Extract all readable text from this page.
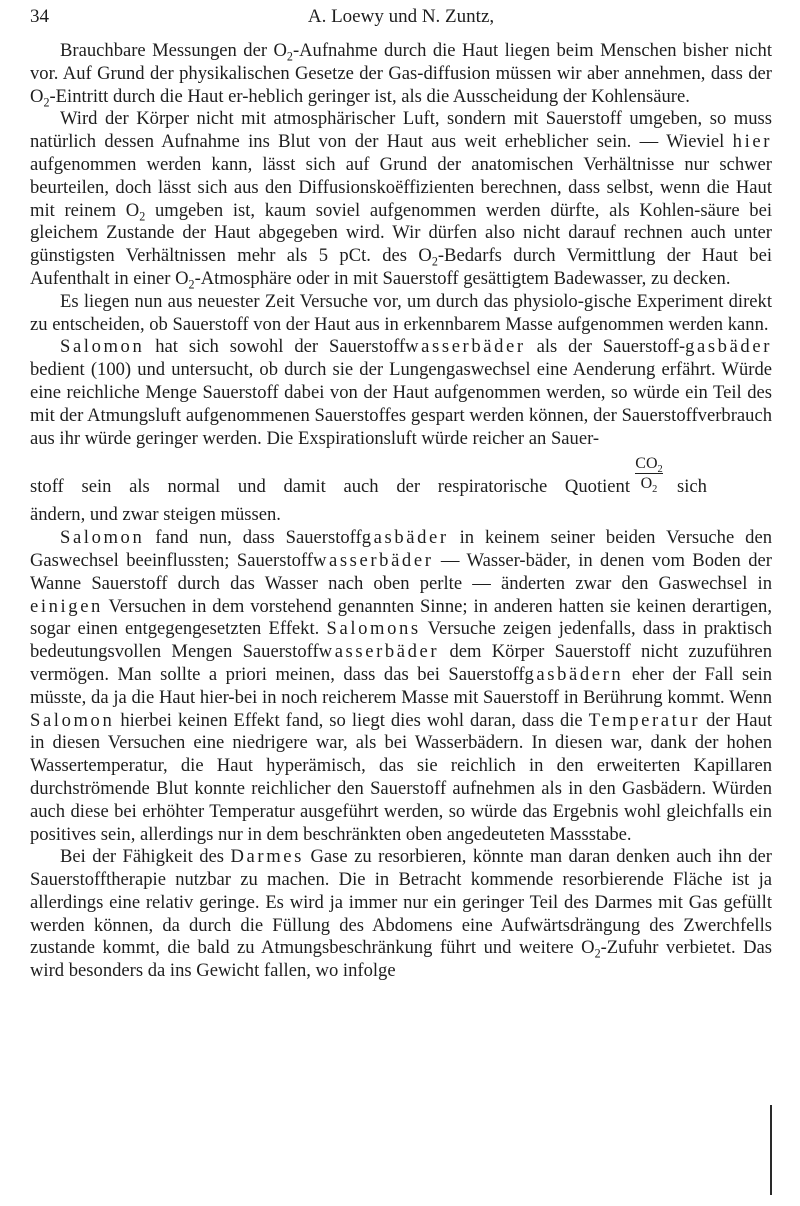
34	A. Loewy und N. Zuntz,

Brauchbare Messungen der $O_2$-Aufnahme durch die Haut liegen beim Menschen bisher nicht vor. Auf Grund der physikalischen Gesetze der Gas-diffusion müssen wir aber annehmen, dass der $O_2$-Eintritt durch die Haut er-heblich geringer ist, als die Ausscheidung der Kohlensäure.

Wird der Körper nicht mit atmosphärischer Luft, sondern mit Sauerstoff umgeben, so muss natürlich dessen Aufnahme ins Blut von der Haut aus weit erheblicher sein. — Wieviel hier aufgenommen werden kann, lässt sich auf Grund der anatomischen Verhältnisse nur schwer beurteilen, doch lässt sich aus den Diffusionskoëffizienten berechnen, dass selbst, wenn die Haut mit reinem $O_2$ umgeben ist, kaum soviel aufgenommen werden dürfte, als Kohlen-säure bei gleichem Zustande der Haut abgegeben wird. Wir dürfen also nicht darauf rechnen auch unter günstigsten Verhältnissen mehr als 5 pCt. des $O_2$-Bedarfs durch Vermittlung der Haut bei Aufenthalt in einer $O_2$-Atmosphäre oder in mit Sauerstoff gesättigtem Badewasser, zu decken.

Es liegen nun aus neuester Zeit Versuche vor, um durch das physiolo-gische Experiment direkt zu entscheiden, ob Sauerstoff von der Haut aus in erkennbarem Masse aufgenommen werden kann.

Salomon hat sich sowohl der Sauerstoffwasserbäder als der Sauerstoff-gasbäder bedient (100) und untersucht, ob durch sie der Lungengaswechsel eine Aenderung erfährt. Würde eine reichliche Menge Sauerstoff dabei von der Haut aufgenommen werden, so würde ein Teil des mit der Atmungsluft aufgenommenen Sauerstoffes gespart werden können, der Sauerstoffverbrauch aus ihr würde geringer werden. Die Exspirationsluft würde reicher an Sauer-

stoff sein als normal und damit auch der respiratorische Quotient $\frac{CO_2}{O_2}$ sich
ändern, und zwar steigen müssen.

Salomon fand nun, dass Sauerstoffgasbäder in keinem seiner beiden Versuche den Gaswechsel beeinflussten; Sauerstoffwasserbäder — Wasser-bäder, in denen vom Boden der Wanne Sauerstoff durch das Wasser nach oben perlte — änderten zwar den Gaswechsel in einigen Versuchen in dem vorstehend genannten Sinne; in anderen hatten sie keinen derartigen, sogar einen entgegengesetzten Effekt. Salomons Versuche zeigen jedenfalls, dass in praktisch bedeutungsvollen Mengen Sauerstoffwasserbäder dem Körper Sauerstoff nicht zuzuführen vermögen. Man sollte a priori meinen, dass das bei Sauerstoffgasbädern eher der Fall sein müsste, da ja die Haut hier-bei in noch reicherem Masse mit Sauerstoff in Berührung kommt. Wenn Salomon hierbei keinen Effekt fand, so liegt dies wohl daran, dass die Temperatur der Haut in diesen Versuchen eine niedrigere war, als bei Wasserbädern. In diesen war, dank der hohen Wassertemperatur, die Haut hyperämisch, das sie reichlich in den erweiterten Kapillaren durchströmende Blut konnte reichlicher den Sauerstoff aufnehmen als in den Gasbädern. Würden auch diese bei erhöhter Temperatur ausgeführt werden, so würde das Ergebnis wohl gleichfalls ein positives sein, allerdings nur in dem beschränkten oben angedeuteten Massstabe.

Bei der Fähigkeit des Darmes Gase zu resorbieren, könnte man daran denken auch ihn der Sauerstofftherapie nutzbar zu machen. Die in Betracht kommende resorbierende Fläche ist ja allerdings eine relativ geringe. Es wird ja immer nur ein geringer Teil des Darmes mit Gas gefüllt werden können, da durch die Füllung des Abdomens eine Aufwärtsdrängung des Zwerchfells zustande kommt, die bald zu Atmungsbeschränkung führt und weitere $O_2$-Zufuhr verbietet. Das wird besonders da ins Gewicht fallen, wo infolge
